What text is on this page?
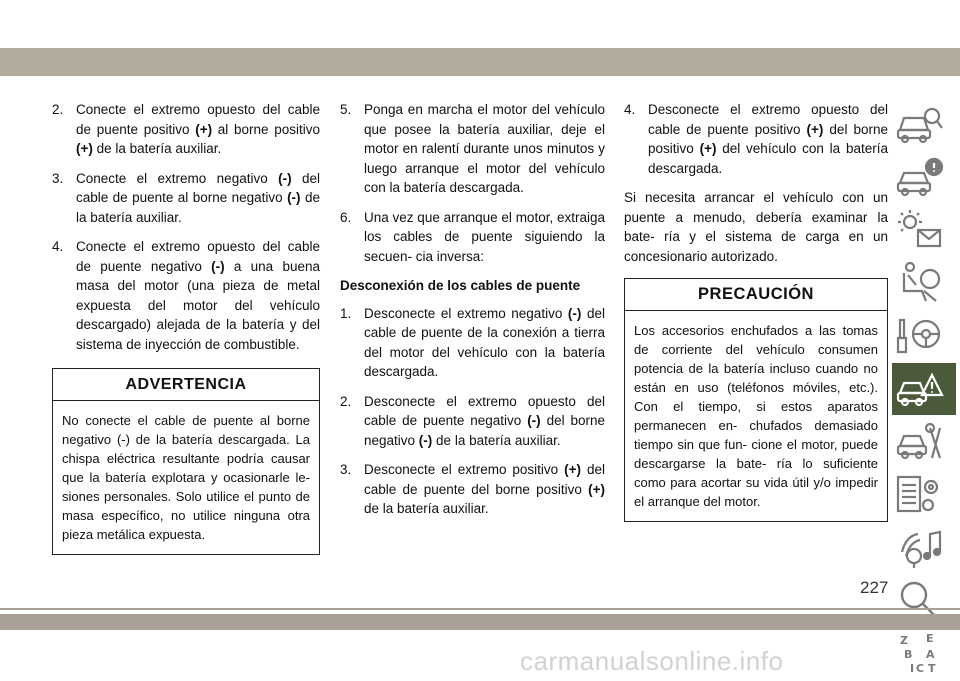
2. Conecte el extremo opuesto del cable de puente positivo (+) al borne positivo (+) de la batería auxiliar.
3. Conecte el extremo negativo (-) del cable de puente al borne negativo (-) de la batería auxiliar.
4. Conecte el extremo opuesto del cable de puente negativo (-) a una buena masa del motor (una pieza de metal expuesta del motor del vehículo descargado) alejada de la batería y del sistema de inyección de combustible.
ADVERTENCIA
No conecte el cable de puente al borne negativo (-) de la batería descargada. La chispa eléctrica resultante podría causar que la batería explotara y ocasionarle le- siones personales. Solo utilice el punto de masa específico, no utilice ninguna otra pieza metálica expuesta.
5. Ponga en marcha el motor del vehículo que posee la batería auxiliar, deje el motor en ralentí durante unos minutos y luego arranque el motor del vehículo con la batería descargada.
6. Una vez que arranque el motor, extraiga los cables de puente siguiendo la secuen- cia inversa:
Desconexión de los cables de puente
1. Desconecte el extremo negativo (-) del cable de puente de la conexión a tierra del motor del vehículo con la batería descargada.
2. Desconecte el extremo opuesto del cable de puente negativo (-) del borne negativo (-) de la batería auxiliar.
3. Desconecte el extremo positivo (+) del cable de puente del borne positivo (+) de la batería auxiliar.
4. Desconecte el extremo opuesto del cable de puente positivo (+) del borne positivo (+) del vehículo con la batería descargada.

Si necesita arrancar el vehículo con un puente a menudo, debería examinar la bate- ría y el sistema de carga en un concesionario autorizado.

PRECAUCIÓN
Los accesorios enchufados a las tomas de corriente del vehículo consumen potencia de la batería incluso cuando no están en uso (teléfonos móviles, etc.). Con el tiempo, si estos aparatos permanecen en- chufados demasiado tiempo sin que fun- cione el motor, puede descargarse la bate- ría lo suficiente como para acortar su vida útil y/o impedir el arranque del motor.
Z E
B A
I C T
227
carmanualsonline.info
